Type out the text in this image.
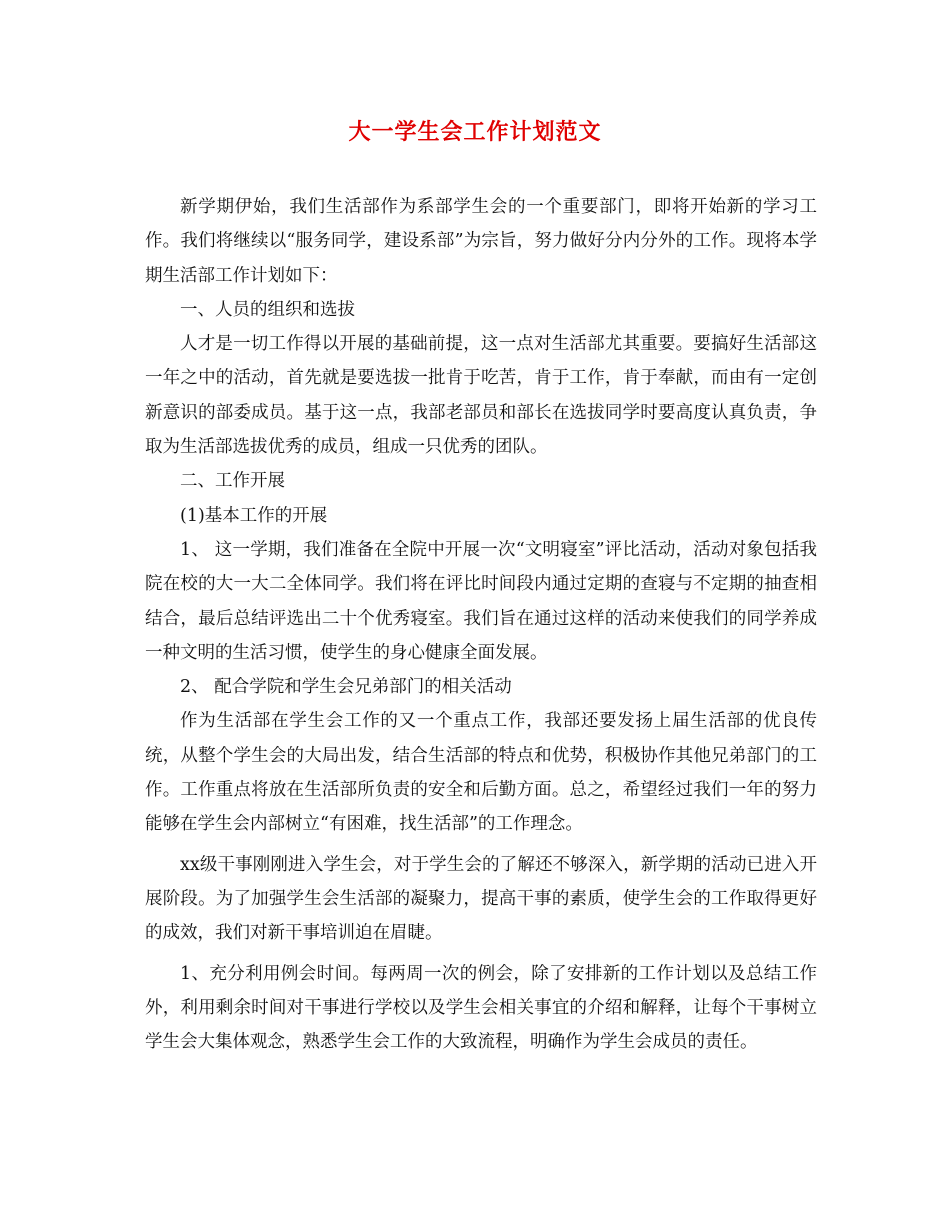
大一学生会工作计划范文

新学期伊始，我们生活部作为系部学生会的一个重要部门，即将开始新的学习工作。我们将继续以“服务同学，建设系部”为宗旨，努力做好分内分外的工作。现将本学期生活部工作计划如下：

一、人员的组织和选拔

人才是一切工作得以开展的基础前提，这一点对生活部尤其重要。要搞好生活部这一年之中的活动，首先就是要选拔一批肯于吃苦，肯于工作，肯于奉献，而由有一定创新意识的部委成员。基于这一点，我部老部员和部长在选拔同学时要高度认真负责，争取为生活部选拔优秀的成员，组成一只优秀的团队。

二、工作开展

(1)基本工作的开展

1、 这一学期，我们准备在全院中开展一次“文明寝室”评比活动，活动对象包括我院在校的大一大二全体同学。我们将在评比时间段内通过定期的查寝与不定期的抽查相结合，最后总结评选出二十个优秀寝室。我们旨在通过这样的活动来使我们的同学养成一种文明的生活习惯，使学生的身心健康全面发展。

2、 配合学院和学生会兄弟部门的相关活动

作为生活部在学生会工作的又一个重点工作，我部还要发扬上届生活部的优良传统，从整个学生会的大局出发，结合生活部的特点和优势，积极协作其他兄弟部门的工作。工作重点将放在生活部所负责的安全和后勤方面。总之，希望经过我们一年的努力能够在学生会内部树立“有困难，找生活部”的工作理念。

xx级干事刚刚进入学生会，对于学生会的了解还不够深入，新学期的活动已进入开展阶段。为了加强学生会生活部的凝聚力，提高干事的素质，使学生会的工作取得更好的成效，我们对新干事培训迫在眉睫。

1、充分利用例会时间。每两周一次的例会，除了安排新的工作计划以及总结工作外，利用剩余时间对干事进行学校以及学生会相关事宜的介绍和解释，让每个干事树立学生会大集体观念，熟悉学生会工作的大致流程，明确作为学生会成员的责任。
